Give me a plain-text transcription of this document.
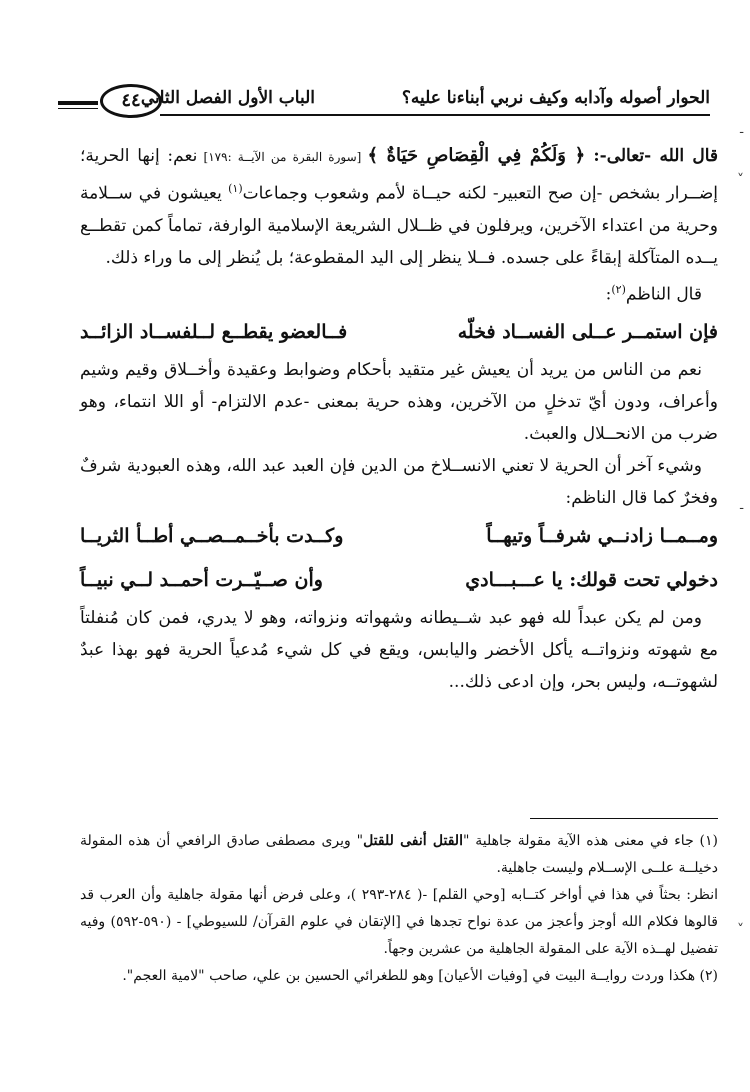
الحوار أصوله وآدابه وكيف نربي أبناءنا عليه؟
الباب الأول الفصل الثاني
٤٤

قال الله -تعالى-: ﴿ وَلَكُمْ فِي الْقِصَاصِ حَيَاةٌ ﴾ [سورة البقرة من الآيــة :١٧٩] نعم: إنها الحرية؛ إضــرار بشخص -إن صح التعبير- لكنه حيــاة لأمم وشعوب وجماعات$^{(١)}$ يعيشون في ســلامة وحرية من اعتداء الآخرين، ويرفلون في ظــلال الشريعة الإسلامية الوارفة، تماماً كمن تقطــع يــده المتآكلة إبقاءً على جسده. فــلا ينظر إلى اليد المقطوعة؛ بل يُنظر إلى ما وراء ذلك.

قال الناظم$^{(٢)}$:

فإن استمــر عــلى الفســاد فخلّه
فــالعضو يقطــع لــلفســاد الزائــد

نعم من الناس من يريد أن يعيش غير متقيد بأحكام وضوابط وعقيدة وأخــلاق وقيم وشيم وأعراف، ودون أيّ تدخلٍ من الآخرين، وهذه حرية بمعنى -عدم الالتزام- أو اللا انتماء، وهو ضرب من الانحــلال والعبث.

وشيء آخر أن الحرية لا تعني الانســلاخ من الدين فإن العبد عبد الله، وهذه العبودية شرفٌ وفخرٌ كما قال الناظم:

ومــمــا زادنــي شرفــاً وتيهــاً
وكــدت بأخــمــصــي أطــأ الثريــا
دخولي تحت قولك: يا عـــبـــادي
وأن صــيّــرت أحمــد لــي نبيــاً

ومن لم يكن عبداً لله فهو عبد شــيطانه وشهواته ونزواته، وهو لا يدري، فمن كان مُنفلتاً مع شهوته ونزواتــه يأكل الأخضر واليابس، ويقع في كل شيء مُدعياً الحرية فهو بهذا عبدٌ لشهوتــه، وليس بحر، وإن ادعى ذلك...

(١) جاء في معنى هذه الآية مقولة جاهلية "القتل أنفى للقتل" ويرى مصطفى صادق الرافعي أن هذه المقولة دخيلــة علــى الإســلام وليست جاهلية.

انظر: بحثاً في هذا في أواخر كتــابه [وحي القلم] -( ٢٨٤-٢٩٣ )، وعلى فرض أنها مقولة جاهلية وأن العرب قد قالوها فكلام الله أوجز وأعجز من عدة نواح تجدها في [الإتقان في علوم القرآن/ للسيوطي] - (٥٩٠-٥٩٢) وفيه تفضيل لهــذه الآية على المقولة الجاهلية من عشرين وجهاً.

(٢) هكذا وردت روايــة البيت في [وفيات الأعيان] وهو للطغرائي الحسين بن علي، صاحب "لامية العجم".

-
˅
-
˅
